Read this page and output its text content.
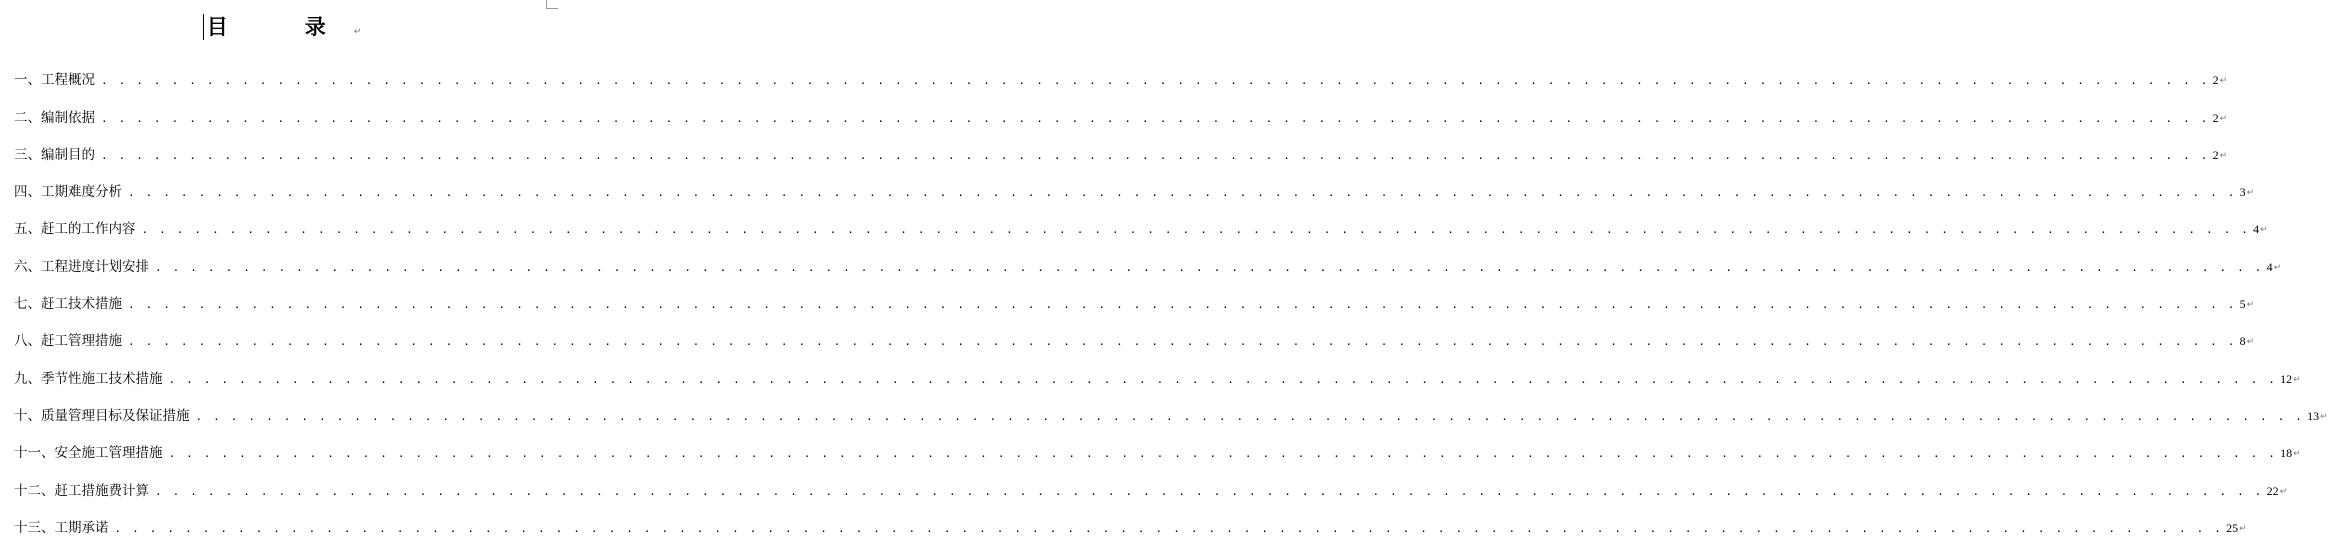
目　录↵
一、工程概况 . . . . . . . . . . . . . . . . . . . . . . . . . . . . . . . . . . . . . . . . . . . . . . . . . . . . . . . . . . . . . . . . . . . . . . . . . . . . . . . . . . . . . . . . . . . . . . . . . . . . . . . . . . . . . . . . . . . . . . . . 2 ↵
二、编制依据 . . . . . . . . . . . . . . . . . . . . . . . . . . . . . . . . . . . . . . . . . . . . . . . . . . . . . . . . . . . . . . . . . . . . . . . . . . . . . . . . . . . . . . . . . . . . . . . . . . . . . . . . . . . . . . . . . . . . . . . . 2 ↵
三、编制目的 . . . . . . . . . . . . . . . . . . . . . . . . . . . . . . . . . . . . . . . . . . . . . . . . . . . . . . . . . . . . . . . . . . . . . . . . . . . . . . . . . . . . . . . . . . . . . . . . . . . . . . . . . . . . . . . . . . . . . . . . 2 ↵
四、工期难度分析 . . . . . . . . . . . . . . . . . . . . . . . . . . . . . . . . . . . . . . . . . . . . . . . . . . . . . . . . . . . . . . . . . . . . . . . . . . . . . . . . . . . . . . . . . . . . . . . . . . . . . . . . . . . . . . . . . . . . . . . . 3 ↵
五、赶工的工作内容 . . . . . . . . . . . . . . . . . . . . . . . . . . . . . . . . . . . . . . . . . . . . . . . . . . . . . . . . . . . . . . . . . . . . . . . . . . . . . . . . . . . . . . . . . . . . . . . . . . . . . . . . . . . . . . . . . . . . . . . . 4 ↵
六、工程进度计划安排 . . . . . . . . . . . . . . . . . . . . . . . . . . . . . . . . . . . . . . . . . . . . . . . . . . . . . . . . . . . . . . . . . . . . . . . . . . . . . . . . . . . . . . . . . . . . . . . . . . . . . . . . . . . . . . . . . . . . . . . . 4 ↵
七、赶工技术措施 . . . . . . . . . . . . . . . . . . . . . . . . . . . . . . . . . . . . . . . . . . . . . . . . . . . . . . . . . . . . . . . . . . . . . . . . . . . . . . . . . . . . . . . . . . . . . . . . . . . . . . . . . . . . . . . . . . . . . . . . 5 ↵
八、赶工管理措施 . . . . . . . . . . . . . . . . . . . . . . . . . . . . . . . . . . . . . . . . . . . . . . . . . . . . . . . . . . . . . . . . . . . . . . . . . . . . . . . . . . . . . . . . . . . . . . . . . . . . . . . . . . . . . . . . . . . . . . . . 8 ↵
九、季节性施工技术措施 . . . . . . . . . . . . . . . . . . . . . . . . . . . . . . . . . . . . . . . . . . . . . . . . . . . . . . . . . . . . . . . . . . . . . . . . . . . . . . . . . . . . . . . . . . . . . . . . . . . . . . . . . . . . . . . . . . . . . . . . 12 ↵
十、质量管理目标及保证措施 . . . . . . . . . . . . . . . . . . . . . . . . . . . . . . . . . . . . . . . . . . . . . . . . . . . . . . . . . . . . . . . . . . . . . . . . . . . . . . . . . . . . . . . . . . . . . . . . . . . . . . . . . . . . . . . . . . . . . . . . 13 ↵
十一、安全施工管理措施 . . . . . . . . . . . . . . . . . . . . . . . . . . . . . . . . . . . . . . . . . . . . . . . . . . . . . . . . . . . . . . . . . . . . . . . . . . . . . . . . . . . . . . . . . . . . . . . . . . . . . . . . . . . . . . . . . . . . . . . . 18 ↵
十二、赶工措施费计算 . . . . . . . . . . . . . . . . . . . . . . . . . . . . . . . . . . . . . . . . . . . . . . . . . . . . . . . . . . . . . . . . . . . . . . . . . . . . . . . . . . . . . . . . . . . . . . . . . . . . . . . . . . . . . . . . . . . . . . . . 22 ↵
十三、工期承诺 . . . . . . . . . . . . . . . . . . . . . . . . . . . . . . . . . . . . . . . . . . . . . . . . . . . . . . . . . . . . . . . . . . . . . . . . . . . . . . . . . . . . . . . . . . . . . . . . . . . . . . . . . . . . . . . . . . . . . . . . 25 ↵
